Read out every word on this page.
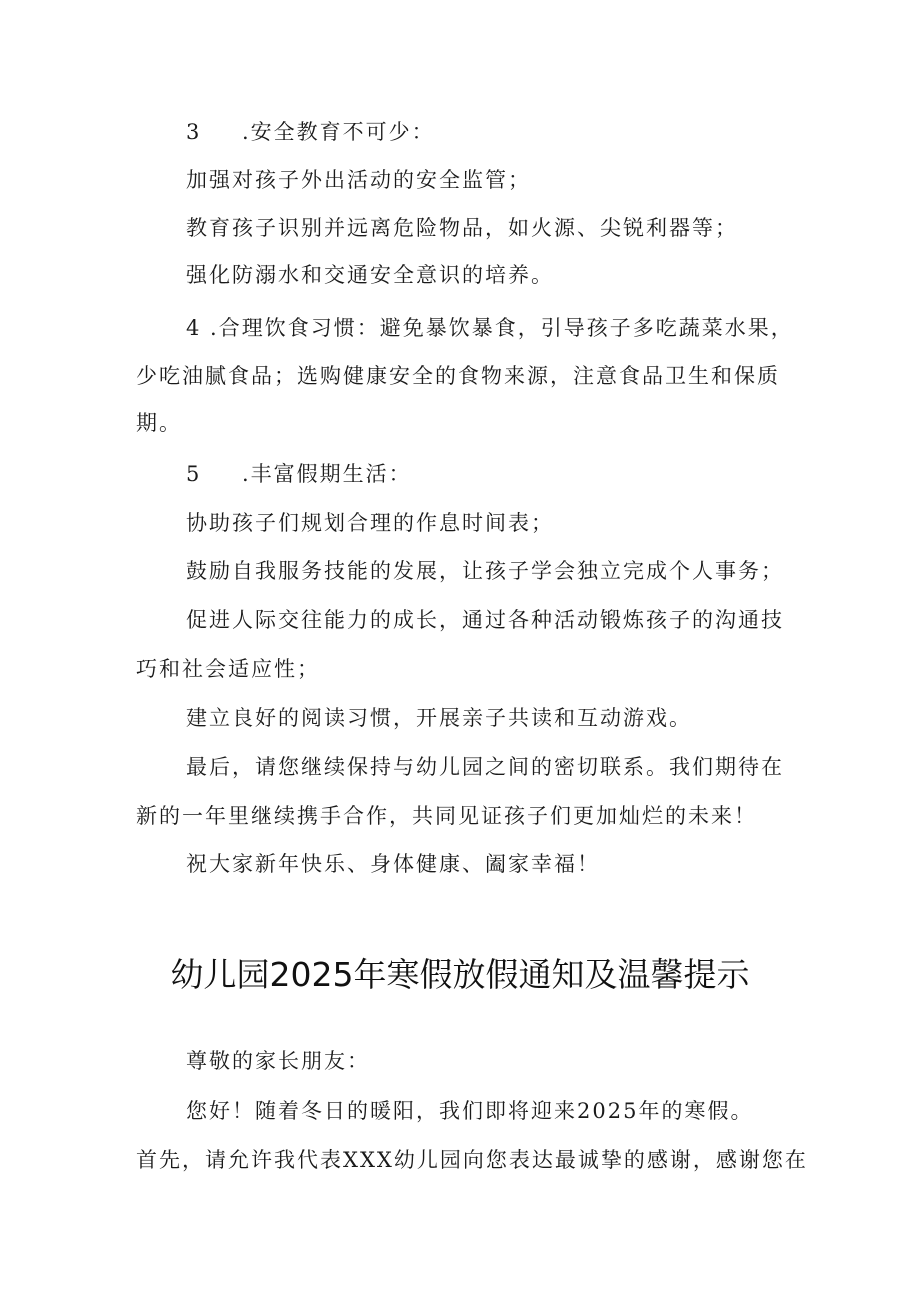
3 .安全教育不可少：
加强对孩子外出活动的安全监管；
教育孩子识别并远离危险物品，如火源、尖锐利器等；
强化防溺水和交通安全意识的培养。
4 .合理饮食习惯：避免暴饮暴食，引导孩子多吃蔬菜水果，
少吃油腻食品；选购健康安全的食物来源，注意食品卫生和保质
期。
5 .丰富假期生活：
协助孩子们规划合理的作息时间表；
鼓励自我服务技能的发展，让孩子学会独立完成个人事务；
促进人际交往能力的成长，通过各种活动锻炼孩子的沟通技
巧和社会适应性；
建立良好的阅读习惯，开展亲子共读和互动游戏。
最后，请您继续保持与幼儿园之间的密切联系。我们期待在
新的一年里继续携手合作，共同见证孩子们更加灿烂的未来！
祝大家新年快乐、身体健康、阖家幸福！
幼儿园2025年寒假放假通知及温馨提示
尊敬的家长朋友：
您好！随着冬日的暖阳，我们即将迎来2025年的寒假。
首先，请允许我代表XXX幼儿园向您表达最诚挚的感谢，感谢您在
